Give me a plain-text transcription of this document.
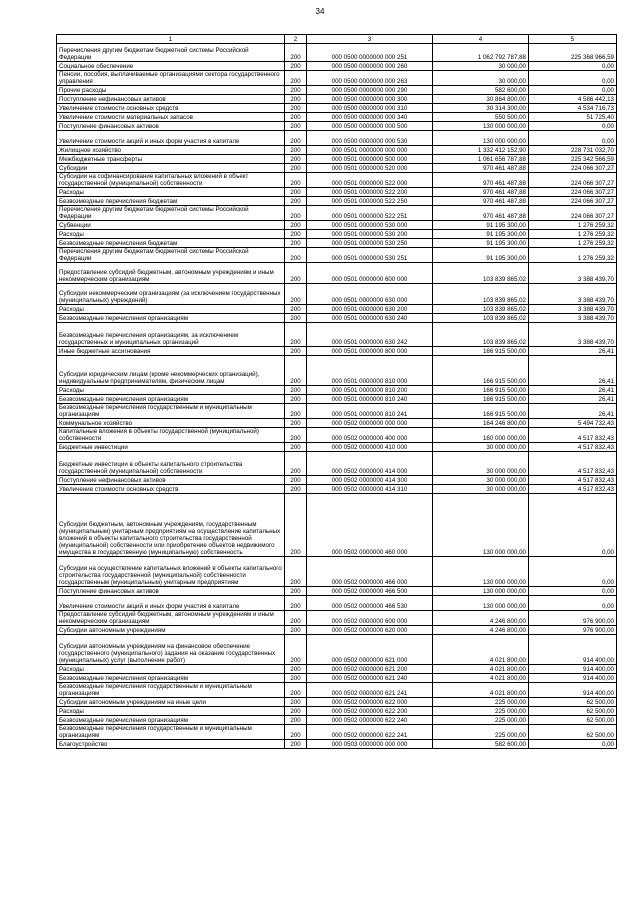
34
1	2	3	4	5
Перечисления другим бюджетам бюджетной системы Российской Федерации	200	000 0500 0000000 000 251	1 062 792 787,88	225 368 966,59
Социальное обеспечение	200	000 0500 0000000 000 260	30 000,00	0,00
Пенсии, пособия, выплачиваемые организациями сектора государственного управления	200	000 0500 0000000 000 263	30 000,00	0,00
Прочие расходы	200	000 0500 0000000 000 290	582 600,00	0,00
Поступление нефинансовых активов	200	000 0500 0000000 000 300	30 864 800,00	4 586 442,13
Увеличение стоимости основных средств	200	000 0500 0000000 000 310	30 314 300,00	4 534 716,73
Увеличение стоимости материальных запасов	200	000 0500 0000000 000 340	550 500,00	51 725,40
Поступление финансовых активов	200	000 0500 0000000 000 500	130 000 000,00	0,00
Увеличение стоимости акций и иных форм участия в капитале	200	000 0500 0000000 000 530	130 000 000,00	0,00
Жилищное хозяйство	200	000 0501 0000000 000 000	1 332 412 152,90	228 731 032,70
Межбюджетные трансферты	200	000 0501 0000000 500 000	1 061 656 787,88	225 342 566,59
Субсидии	200	000 0501 0000000 520 000	970 461 487,88	224 066 307,27
Субсидии на софинансирование капитальных вложений в объект государственной (муниципальной) собственности	200	000 0501 0000000 522 000	970 461 487,88	224 066 307,27
Расходы	200	000 0501 0000000 522 200	970 461 487,88	224 066 307,27
Безвозмездные перечисления бюджетам	200	000 0501 0000000 522 250	970 461 487,88	224 066 307,27
Перечисления другим бюджетам бюджетной системы Российской Федерации	200	000 0501 0000000 522 251	970 461 487,88	224 066 307,27
Субвенции	200	000 0501 0000000 530 000	91 195 300,00	1 276 259,32
Расходы	200	000 0501 0000000 530 200	91 195 300,00	1 276 259,32
Безвозмездные перечисления бюджетам	200	000 0501 0000000 530 250	91 195 300,00	1 276 259,32
Перечисления другим бюджетам бюджетной системы Российской Федерации	200	000 0501 0000000 530 251	91 195 300,00	1 276 259,32
Предоставление субсидий бюджетным, автономным учреждениям и иным некоммерческим организациям	200	000 0501 0000000 600 000	103 839 865,02	3 388 439,70
Субсидии некоммерческим организациям (за исключением государственных (муниципальных) учреждений)	200	000 0501 0000000 630 000	103 839 865,02	3 388 439,70
Расходы	200	000 0501 0000000 630 200	103 839 865,02	3 388 439,70
Безвозмездные перечисления организациям	200	000 0501 0000000 630 240	103 839 865,02	3 388 439,70
Безвозмездные перечисления организациям, за исключением государственных и муниципальных организаций	200	000 0501 0000000 630 242	103 839 865,02	3 388 439,70
Иные бюджетные ассигнования	200	000 0501 0000000 800 000	166 915 500,00	26,41
Субсидии юридическим лицам (кроме некоммерческих организаций), индивидуальным предпринимателям, физическим лицам	200	000 0501 0000000 810 000	166 915 500,00	26,41
Расходы	200	000 0501 0000000 810 200	166 915 500,00	26,41
Безвозмездные перечисления организациям	200	000 0501 0000000 810 240	166 915 500,00	26,41
Безвозмездные перечисления государственным и муниципальным организациям	200	000 0501 0000000 810 241	166 915 500,00	26,41
Коммунальное хозяйство	200	000 0502 0000000 000 000	164 246 800,00	5 494 732,43
Капитальные вложения в объекты государственной (муниципальной) собственности	200	000 0502 0000000 400 000	160 000 000,00	4 517 832,43
Бюджетные инвестиции	200	000 0502 0000000 410 000	30 000 000,00	4 517 832,43
Бюджетные инвестиции в объекты капитального строительства государственной (муниципальной) собственности	200	000 0502 0000000 414 000	30 000 000,00	4 517 832,43
Поступление нефинансовых активов	200	000 0502 0000000 414 300	30 000 000,00	4 517 832,43
Увеличение стоимости основных средств	200	000 0502 0000000 414 310	30 000 000,00	4 517 832,43
Субсидии бюджетным, автономным учреждениям, государственным (муниципальным) унитарным предприятиям на осуществление капитальных вложений в объекты капитального строительства государственной (муниципальной) собственности или приобретение объектов недвижимого имущества в государственную (муниципальную) собственность	200	000 0502 0000000 460 000	130 000 000,00	0,00
Субсидии на осуществление капитальных вложений в объекты капитального строительства государственной (муниципальной) собственности государственным (муниципальным) унитарным предприятиям	200	000 0502 0000000 466 000	130 000 000,00	0,00
Поступление финансовых активов	200	000 0502 0000000 466 500	130 000 000,00	0,00
Увеличение стоимости акций и иных форм участия в капитале	200	000 0502 0000000 466 530	130 000 000,00	0,00
Предоставление субсидий бюджетным, автономным учреждениям и иным некоммерческим организациям	200	000 0502 0000000 600 000	4 246 800,00	976 900,00
Субсидии автономным учреждениям	200	000 0502 0000000 620 000	4 246 800,00	976 900,00
Субсидии автономным учреждениям на финансовое обеспечение государственного (муниципального) задания на оказание государственных (муниципальных) услуг (выполнение работ)	200	000 0502 0000000 621 000	4 021 800,00	914 400,00
Расходы	200	000 0502 0000000 621 200	4 021 800,00	914 400,00
Безвозмездные перечисления организациям	200	000 0502 0000000 621 240	4 021 800,00	914 400,00
Безвозмездные перечисления государственным и муниципальным организациям	200	000 0502 0000000 621 241	4 021 800,00	914 400,00
Субсидии автономным учреждениям на иные цели	200	000 0502 0000000 622 000	225 000,00	62 500,00
Расходы	200	000 0502 0000000 622 200	225 000,00	62 500,00
Безвозмездные перечисления организациям	200	000 0502 0000000 622 240	225 000,00	62 500,00
Безвозмездные перечисления государственным и муниципальным организациям	200	000 0502 0000000 622 241	225 000,00	62 500,00
Благоустройство	200	000 0503 0000000 000 000	582 600,00	0,00
